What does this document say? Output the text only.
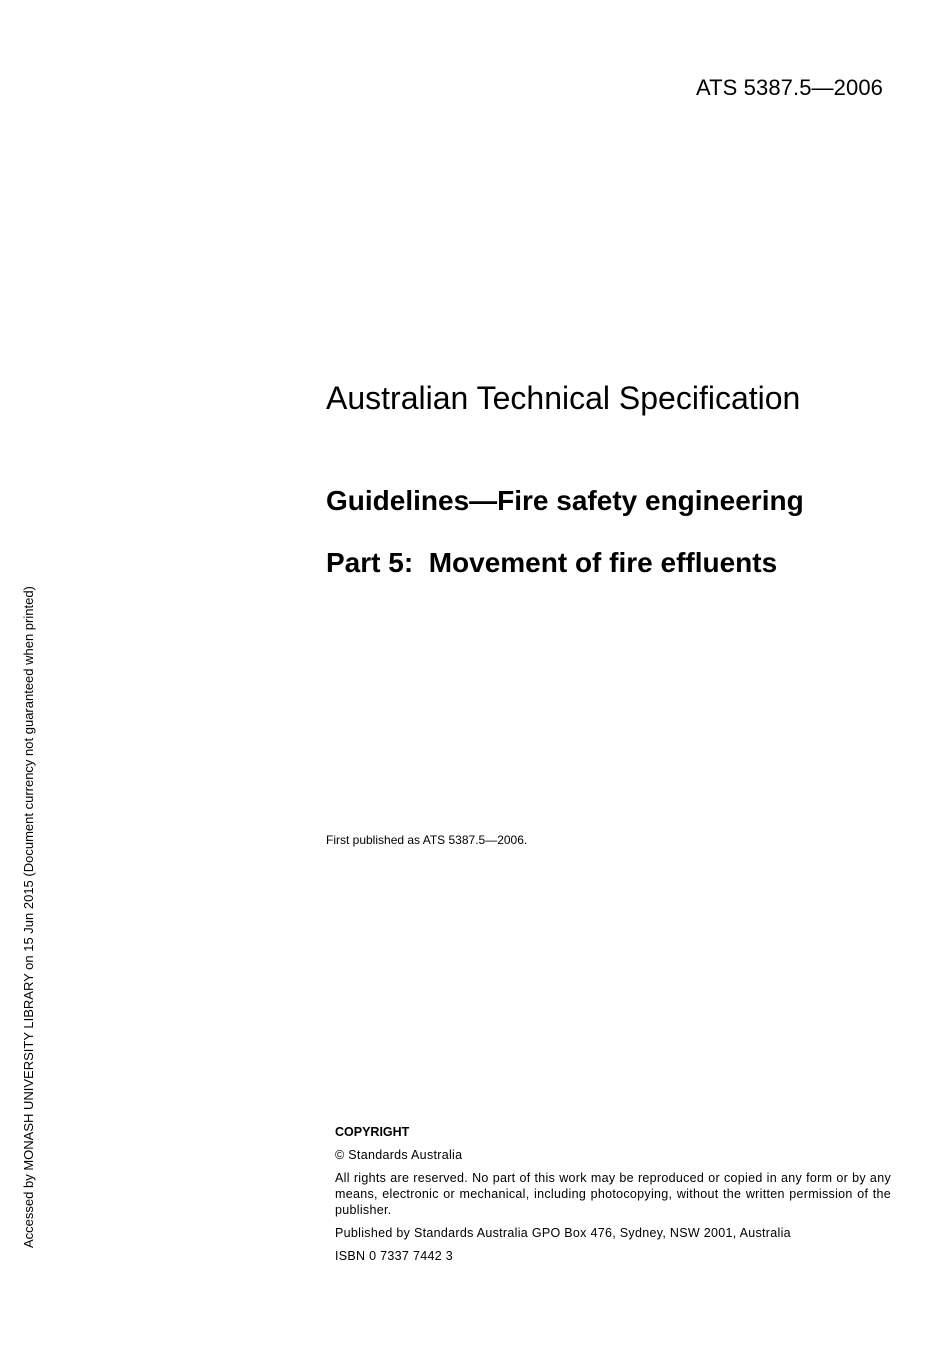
ATS 5387.5—2006
Accessed by MONASH UNIVERSITY LIBRARY on 15 Jun 2015 (Document currency not guaranteed when printed)
Australian Technical Specification
Guidelines—Fire safety engineering
Part 5:  Movement of fire effluents
First published as ATS 5387.5—2006.
COPYRIGHT
© Standards Australia
All rights are reserved. No part of this work may be reproduced or copied in any form or by any means, electronic or mechanical, including photocopying, without the written permission of the publisher.
Published by Standards Australia GPO Box 476, Sydney, NSW 2001, Australia
ISBN 0 7337 7442 3
